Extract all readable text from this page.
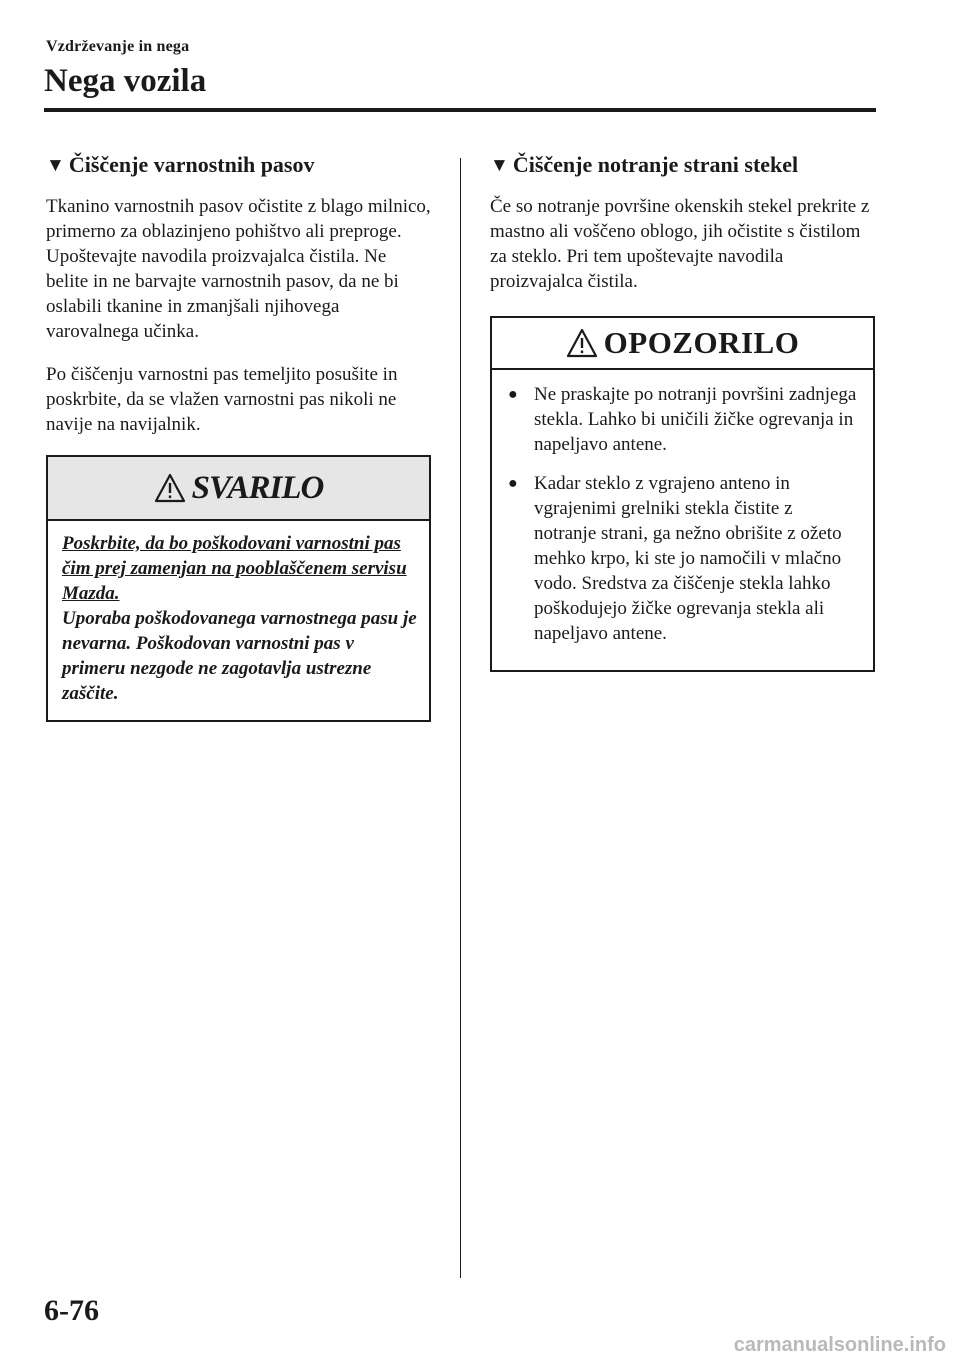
Vzdrževanje in nega
Nega vozila
▼ Čiščenje varnostnih pasov

Tkanino varnostnih pasov očistite z blago milnico, primerno za oblazinjeno pohištvo ali preproge. Upoštevajte navodila proizvajalca čistila. Ne belite in ne barvajte varnostnih pasov, da ne bi oslabili tkanine in zmanjšali njihovega varovalnega učinka.

Po čiščenju varnostni pas temeljito posušite in poskrbite, da se vlažen varnostni pas nikoli ne navije na navijalnik.

SVARILO
Poskrbite, da bo poškodovani varnostni pas čim prej zamenjan na pooblaščenem servisu Mazda.
Uporaba poškodovanega varnostnega pasu je nevarna. Poškodovan varnostni pas v primeru nezgode ne zagotavlja ustrezne zaščite.
▼ Čiščenje notranje strani stekel

Če so notranje površine okenskih stekel prekrite z mastno ali voščeno oblogo, jih očistite s čistilom za steklo. Pri tem upoštevajte navodila proizvajalca čistila.

OPOZORILO
● Ne praskajte po notranji površini zadnjega stekla. Lahko bi uničili žičke ogrevanja in napeljavo antene.
● Kadar steklo z vgrajeno anteno in vgrajenimi grelniki stekla čistite z notranje strani, ga nežno obrišite z ožeto mehko krpo, ki ste jo namočili v mlačno vodo. Sredstva za čiščenje stekla lahko poškodujejo žičke ogrevanja stekla ali napeljavo antene.
6-76
carmanualsonline.info
